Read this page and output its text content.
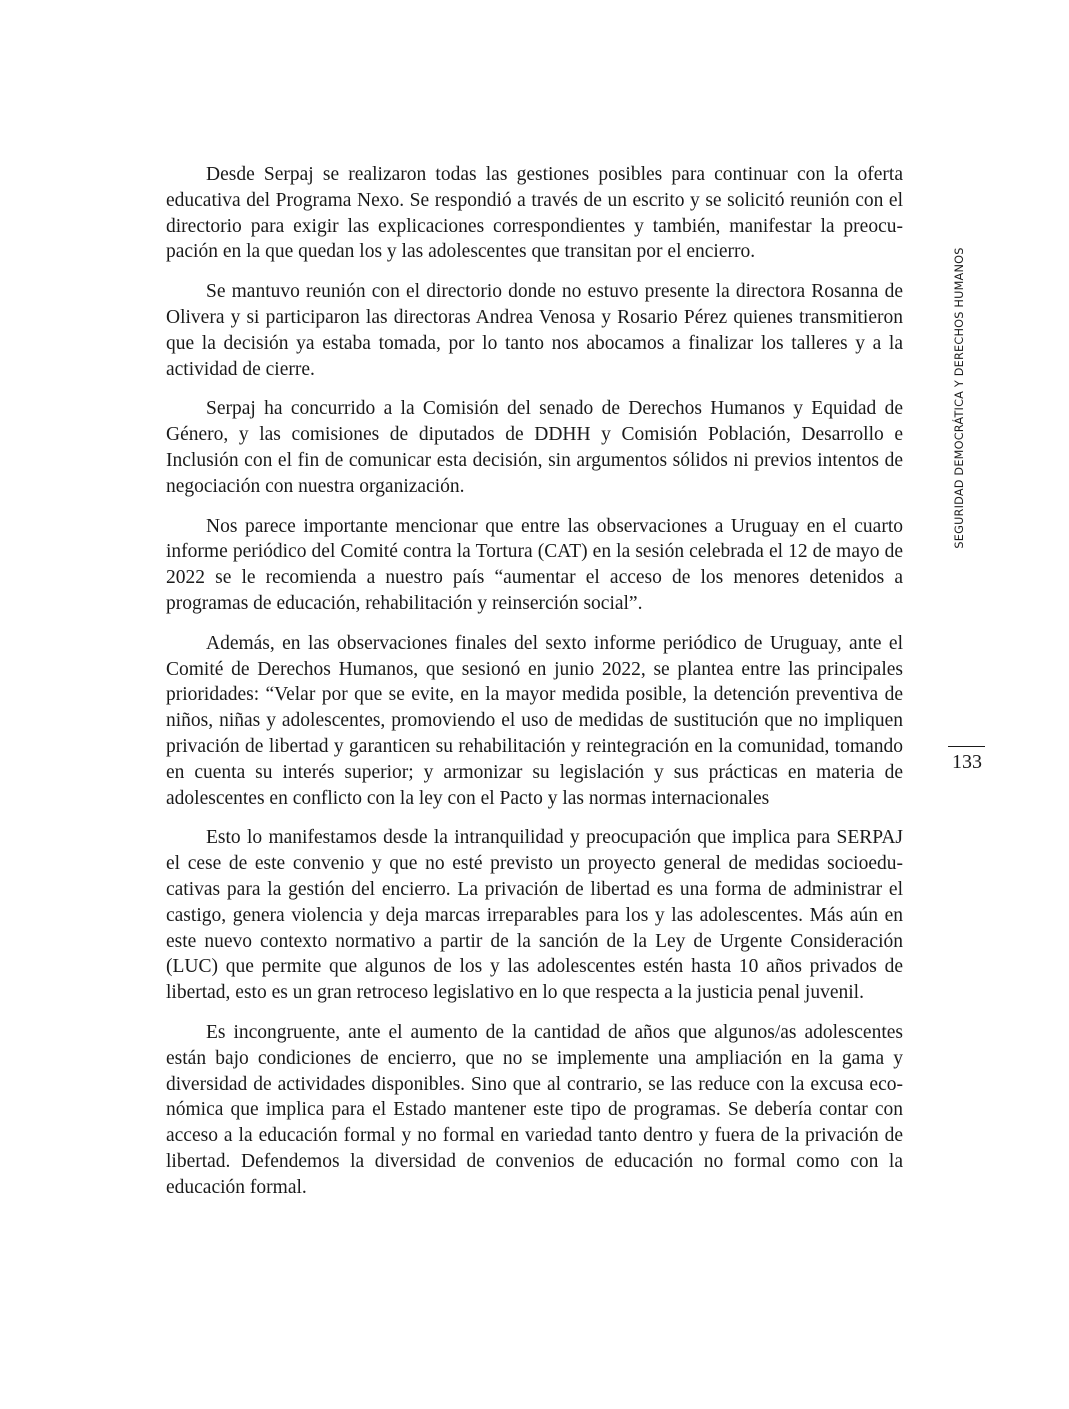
Desde Serpaj se realizaron todas las gestiones posibles para continuar con la oferta educativa del Programa Nexo. Se respondió a través de un escrito y se solicitó reunión con el directorio para exigir las explicaciones correspondientes y también, manifestar la preocupación en la que quedan los y las adolescentes que transitan por el encierro.

Se mantuvo reunión con el directorio donde no estuvo presente la directora Rosanna de Olivera y si participaron las directoras Andrea Venosa y Rosario Pérez quienes transmitieron que la decisión ya estaba tomada, por lo tanto nos abocamos a finalizar los talleres y a la actividad de cierre.

Serpaj ha concurrido a la Comisión del senado de Derechos Humanos y Equidad de Género, y las comisiones de diputados de DDHH y Comisión Población, Desarrollo e Inclusión con el fin de comunicar esta decisión, sin argumentos sólidos ni previos intentos de negociación con nuestra organización.

Nos parece importante mencionar que entre las observaciones a Uruguay en el cuarto informe periódico del Comité contra la Tortura (CAT) en la sesión celebrada el 12 de mayo de 2022 se le recomienda a nuestro país “aumentar el acceso de los menores detenidos a programas de educación, rehabilitación y reinserción social”.

Además, en las observaciones finales del sexto informe periódico de Uruguay, ante el Comité de Derechos Humanos, que sesionó en junio 2022, se plantea entre las principales prioridades: “Velar por que se evite, en la mayor medida posible, la detención preventiva de niños, niñas y adolescentes, promoviendo el uso de medidas de sustitución que no impliquen privación de libertad y garanticen su rehabilitación y reintegración en la comunidad, tomando en cuenta su interés superior; y armonizar su legislación y sus prácticas en materia de adolescentes en conflicto con la ley con el Pacto y las normas internacionales

Esto lo manifestamos desde la intranquilidad y preocupación que implica para SERPAJ el cese de este convenio y que no esté previsto un proyecto general de medidas socioeducativas para la gestión del encierro. La privación de libertad es una forma de administrar el castigo, genera violencia y deja marcas irreparables para los y las adolescentes. Más aún en este nuevo contexto normativo a partir de la sanción de la Ley de Urgente Consideración (LUC) que permite que algunos de los y las adolescentes estén hasta 10 años privados de libertad, esto es un gran retroceso legislativo en lo que respecta a la justicia penal juvenil.

Es incongruente, ante el aumento de la cantidad de años que algunos/as adolescentes están bajo condiciones de encierro, que no se implemente una ampliación en la gama y diversidad de actividades disponibles. Sino que al contrario, se las reduce con la excusa económica que implica para el Estado mantener este tipo de programas. Se debería contar con acceso a la educación formal y no formal en variedad tanto dentro y fuera de la privación de libertad. Defendemos la diversidad de convenios de educación no formal como con la educación formal.

SEGURIDAD DEMOCRÁTICA Y DERECHOS HUMANOS
133
